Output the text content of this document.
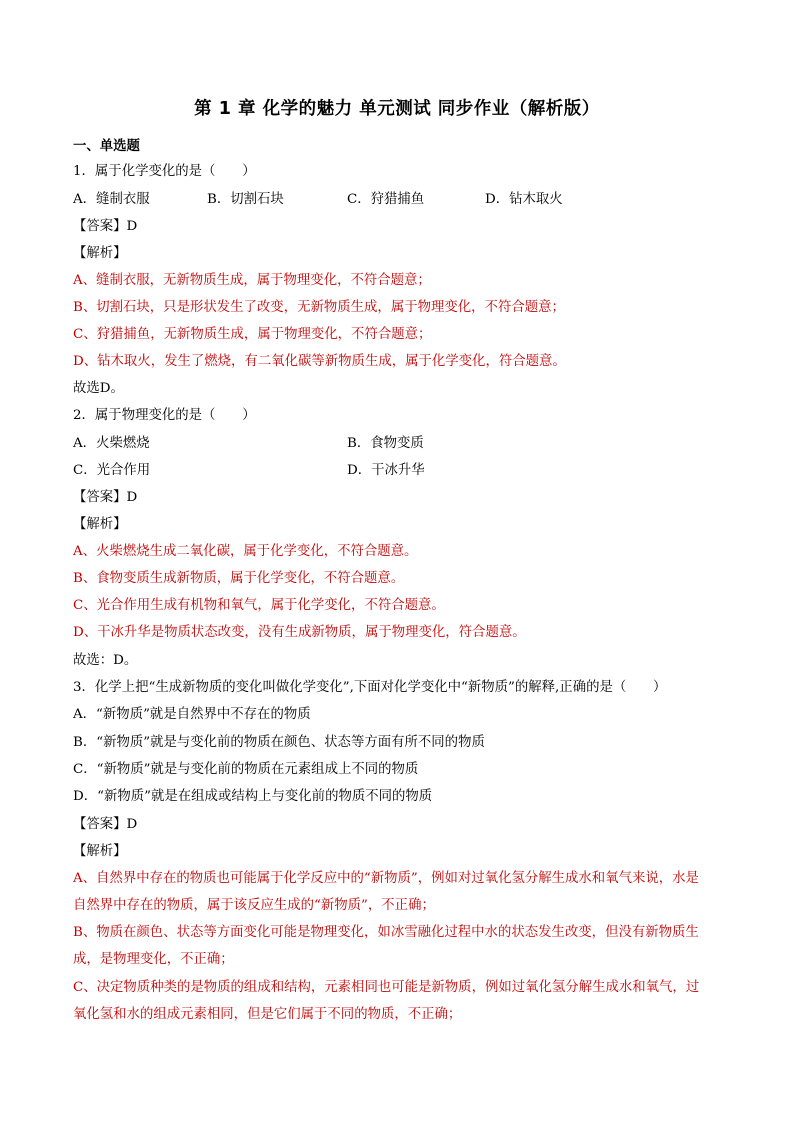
第 1 章 化学的魅力 单元测试 同步作业（解析版）
一、单选题
1．属于化学变化的是（　　）
A．缝制衣服	B．切割石块	C．狩猎捕鱼	D．钻木取火
【答案】D
【解析】
A、缝制衣服，无新物质生成，属于物理变化，不符合题意；
B、切割石块，只是形状发生了改变，无新物质生成，属于物理变化，不符合题意；
C、狩猎捕鱼，无新物质生成，属于物理变化，不符合题意；
D、钻木取火，发生了燃烧，有二氧化碳等新物质生成，属于化学变化，符合题意。
故选D。
2．属于物理变化的是（　　）
A．火柴燃烧	B．食物变质
C．光合作用	D．干冰升华
【答案】D
【解析】
A、火柴燃烧生成二氧化碳，属于化学变化，不符合题意。
B、食物变质生成新物质，属于化学变化，不符合题意。
C、光合作用生成有机物和氧气，属于化学变化，不符合题意。
D、干冰升华是物质状态改变，没有生成新物质，属于物理变化，符合题意。
故选：D。
3．化学上把“生成新物质的变化叫做化学变化”,下面对化学变化中“新物质”的解释,正确的是（　　）
A．“新物质”就是自然界中不存在的物质
B．“新物质”就是与变化前的物质在颜色、状态等方面有所不同的物质
C．“新物质”就是与变化前的物质在元素组成上不同的物质
D．“新物质”就是在组成或结构上与变化前的物质不同的物质
【答案】D
【解析】
A、自然界中存在的物质也可能属于化学反应中的“新物质”，例如对过氧化氢分解生成水和氧气来说，水是
自然界中存在的物质，属于该反应生成的“新物质”，不正确；
B、物质在颜色、状态等方面变化可能是物理变化，如冰雪融化过程中水的状态发生改变，但没有新物质生
成，是物理变化，不正确；
C、决定物质种类的是物质的组成和结构，元素相同也可能是新物质，例如过氧化氢分解生成水和氧气，过
氧化氢和水的组成元素相同，但是它们属于不同的物质，不正确；
